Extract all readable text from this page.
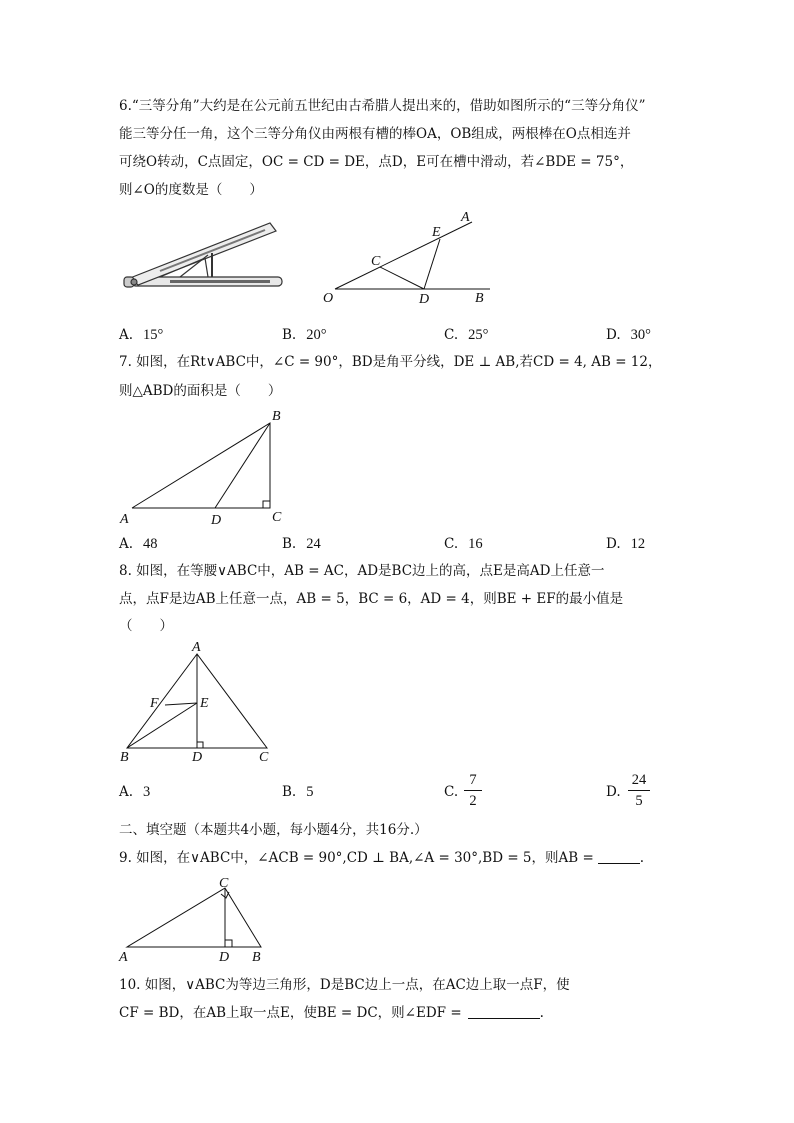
6.“三等分角”大约是在公元前五世纪由古希腊人提出来的，借助如图所示的“三等分角仪”
能三等分任一角，这个三等分角仪由两根有槽的棒OA，OB组成，两根棒在O点相连并
可绕O转动，C点固定，OC = CD = DE，点D，E可在槽中滑动，若∠BDE = 75°，
则∠O的度数是（　　）
A
E
C
O	D	B
A. 15°	B. 20°	C. 25°	D. 30°
7. 如图，在Rt∨ABC中，∠C = 90°，BD是角平分线，DE ⊥ AB,若CD = 4, AB = 12，
则△ABD的面积是（　　）
B
A	D	C
A. 48	B. 24	C. 16	D. 12
8. 如图，在等腰∨ABC中，AB = AC，AD是BC边上的高，点E是高AD上任意一
点，点F是边AB上任意一点，AB = 5，BC = 6，AD = 4，则BE + EF的最小值是
（　　）
A
F	E
B	D	C
A. 3	B. 5	C.
7
2
D.
24
5
二、填空题（本题共4小题，每小题4分，共16分.）
9. 如图，在∨ABC中，∠ACB = 90°,CD ⊥ BA,∠A = 30°,BD = 5，则AB =	.
C
A	D B
10. 如图，∨ABC为等边三角形，D是BC边上一点，在AC边上取一点F，使
CF = BD，在AB上取一点E，使BE = DC，则∠EDF =	.
